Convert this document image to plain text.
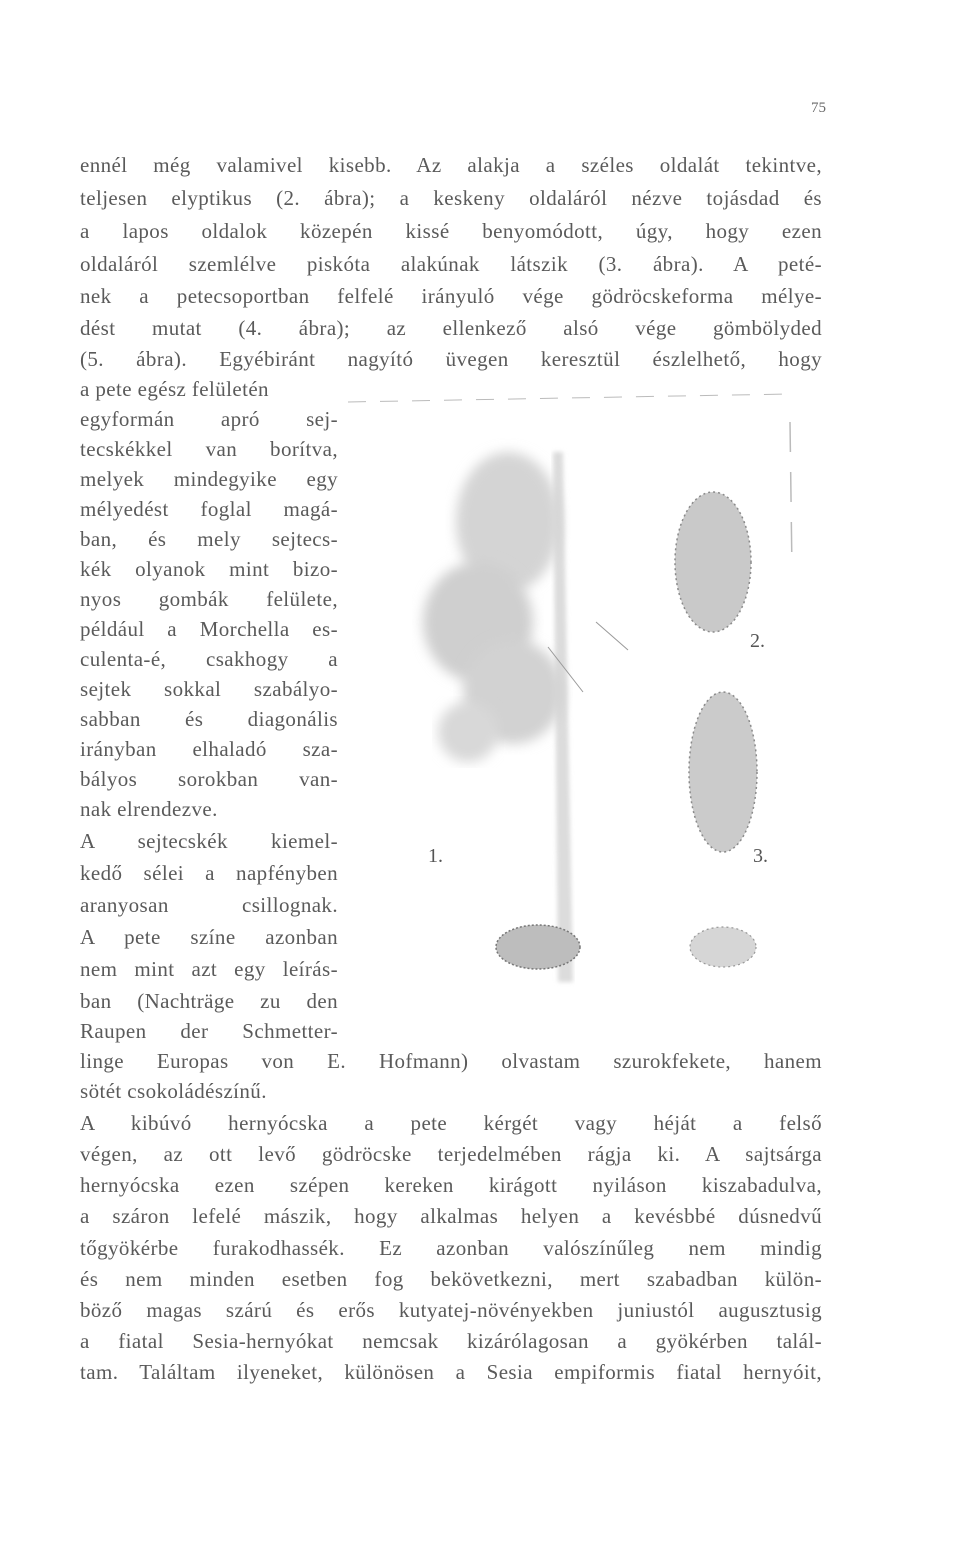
75
ennél még valamivel kisebb. Az alakja a széles oldalát tekintve,
teljesen elyptikus (2. ábra); a keskeny oldaláról nézve tojásdad és
a lapos oldalok közepén kissé benyomódott, úgy, hogy ezen
oldaláról szemlélve piskóta alakúnak látszik (3. ábra). A peté-
nek a petecsoportban felfelé irányuló vége gödröcskeforma mélye-
dést mutat (4. ábra); az ellenkező alsó vége gömbölyded
(5. ábra). Egyébiránt nagyító üvegen keresztül észlelhető, hogy
a pete egész felületén
egyformán apró sej-
tecskékkel van borítva,
melyek mindegyike egy
mélyedést foglal magá-
ban, és mely sejtecs-
kék olyanok mint bizo-
nyos gombák felülete,
például a Morchella es-
culenta-é, csakhogy a
sejtek sokkal szabályo-
sabban és diagonális
irányban elhaladó sza-
bályos sorokban van-
nak elrendezve.
A sejtecskék kiemel-
kedő sélei a napfényben
aranyosan csillognak.
A pete színe azonban
nem mint azt egy leírás-
ban (Nachträge zu den
Raupen der Schmetter-
linge Europas von E. Hofmann) olvastam szurokfekete, hanem
sötét csokoládészínű.
A kibúvó hernyócska a pete kérgét vagy héját a felső
végen, az ott levő gödröcske terjedelmében rágja ki. A sajtsárga
hernyócska ezen szépen kereken kirágott nyiláson kiszabadulva,
a száron lefelé mászik, hogy alkalmas helyen a kevésbbé dúsnedvű
tőgyökérbe furakodhassék. Ez azonban valószínűleg nem mindig
és nem minden esetben fog bekövetkezni, mert szabadban külön-
böző magas szárú és erős kutyatej-növényekben juniustól augusztusig
a fiatal Sesia-hernyókat nemcsak kizárólagosan a gyökérben talál-
tam. Találtam ilyeneket, különösen a Sesia empiformis fiatal hernyóit,
1.
2.
3.
